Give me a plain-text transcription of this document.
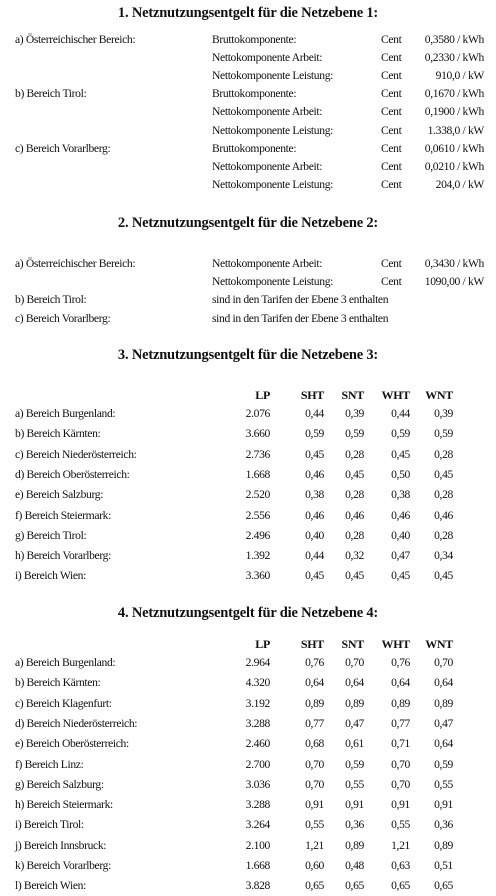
1. Netznutzungsentgelt für die Netzebene 1:
a) Österreichischer Bereich:	Bruttokomponente:	Cent 0,3580 / kWh
Nettokomponente Arbeit:	Cent 0,2330 / kWh
Nettokomponente Leistung:	Cent	910,0 / kW
b) Bereich Tirol:	Bruttokomponente:	Cent 0,1670 / kWh
Nettokomponente Arbeit:	Cent 0,1900 / kWh
Nettokomponente Leistung:	Cent 1.338,0 / kW
c) Bereich Vorarlberg:	Bruttokomponente:	Cent 0,0610 / kWh
Nettokomponente Arbeit:	Cent 0,0210 / kWh
Nettokomponente Leistung:	Cent	204,0 / kW
2. Netznutzungsentgelt für die Netzebene 2:
a) Österreichischer Bereich:	Nettokomponente Arbeit:	Cent 0,3430 / kWh
Nettokomponente Leistung:	Cent 1090,00 / kW
b) Bereich Tirol:	sind in den Tarifen der Ebene 3 enthalten
c) Bereich Vorarlberg:	sind in den Tarifen der Ebene 3 enthalten
3. Netznutzungsentgelt für die Netzebene 3:
LP	SHT SNT WHT WNT
a) Bereich Burgenland:	2.076	0,44 0,39 0,44 0,39
b) Bereich Kärnten:	3.660	0,59 0,59 0,59 0,59
c) Bereich Niederösterreich:	2.736	0,45 0,28 0,45 0,28
d) Bereich Oberösterreich:	1.668	0,46 0,45 0,50 0,45
e) Bereich Salzburg:	2.520	0,38 0,28 0,38 0,28
f) Bereich Steiermark:	2.556	0,46 0,46 0,46 0,46
g) Bereich Tirol:	2.496	0,40 0,28 0,40 0,28
h) Bereich Vorarlberg:	1.392	0,44 0,32 0,47 0,34
i) Bereich Wien:	3.360	0,45 0,45 0,45 0,45
4. Netznutzungsentgelt für die Netzebene 4:
LP	SHT SNT WHT WNT
a) Bereich Burgenland:	2.964	0,76 0,70 0,76 0,70
b) Bereich Kärnten:	4.320	0,64 0,64 0,64 0,64
c) Bereich Klagenfurt:	3.192	0,89 0,89 0,89 0,89
d) Bereich Niederösterreich:	3.288	0,77 0,47 0,77 0,47
e) Bereich Oberösterreich:	2.460	0,68 0,61 0,71 0,64
f) Bereich Linz:	2.700	0,70 0,59 0,70 0,59
g) Bereich Salzburg:	3.036	0,70 0,55 0,70 0,55
h) Bereich Steiermark:	3.288	0,91 0,91 0,91 0,91
i) Bereich Tirol:	3.264	0,55 0,36 0,55 0,36
j) Bereich Innsbruck:	2.100	1,21 0,89 1,21 0,89
k) Bereich Vorarlberg:	1.668	0,60 0,48 0,63 0,51
l) Bereich Wien:	3.828	0,65 0,65 0,65 0,65
